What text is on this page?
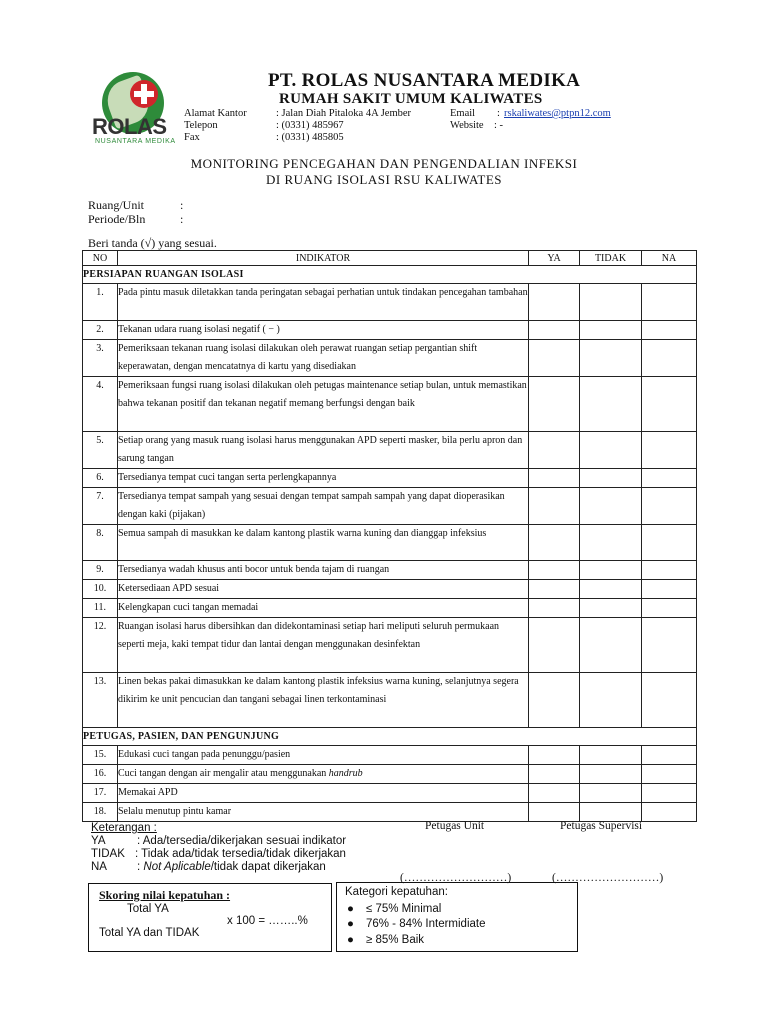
ROLAS
NUSANTARA MEDIKA
PT. ROLAS NUSANTARA MEDIKA
RUMAH SAKIT UMUM KALIWATES
Alamat Kantor	: Jalan Diah Pitaloka 4A Jember
Telepon	: (0331) 485967
Fax	: (0331) 485805
Email : rskaliwates@ptpn12.com
Website : -
MONITORING PENCEGAHAN DAN PENGENDALIAN INFEKSI
DI RUANG ISOLASI RSU KALIWATES
Ruang/Unit	:
Periode/Bln	:
Beri tanda (√) yang sesuai.
NO	INDIKATOR	YA	TIDAK	NA
PERSIAPAN RUANGAN ISOLASI				
1.	Pada pintu masuk diletakkan tanda peringatan sebagai perhatian untuk tindakan pencegahan tambahan			
2.	Tekanan udara ruang isolasi negatif ( − )			
3.	Pemeriksaan tekanan ruang isolasi dilakukan oleh perawat ruangan setiap pergantian shift keperawatan, dengan mencatatnya di kartu yang disediakan			
4.	Pemeriksaan fungsi ruang isolasi dilakukan oleh petugas maintenance setiap bulan, untuk memastikan bahwa tekanan positif dan tekanan negatif memang berfungsi dengan baik			
5.	Setiap orang yang masuk ruang isolasi harus menggunakan APD seperti masker, bila perlu apron dan sarung tangan			
6.	Tersedianya tempat cuci tangan serta perlengkapannya			
7.	Tersedianya tempat sampah yang sesuai dengan tempat sampah sampah yang dapat dioperasikan dengan kaki (pijakan)			
8.	Semua sampah di masukkan ke dalam kantong plastik warna kuning dan dianggap infeksius			
9.	Tersedianya wadah khusus anti bocor untuk benda tajam di ruangan			
10.	Ketersediaan APD sesuai			
11.	Kelengkapan cuci tangan memadai			
12.	Ruangan isolasi harus dibersihkan dan didekontaminasi setiap hari meliputi seluruh permukaan seperti meja, kaki tempat tidur dan lantai dengan menggunakan desinfektan			
13.	Linen bekas pakai dimasukkan ke dalam kantong plastik infeksius warna kuning, selanjutnya segera dikirim ke unit pencucian dan tangani sebagai linen terkontaminasi			
PETUGAS, PASIEN, DAN PENGUNJUNG				
15.	Edukasi cuci tangan pada penunggu/pasien			
16.	Cuci tangan dengan air mengalir atau menggunakan handrub			
17.	Memakai APD			
18.	Selalu menutup pintu kamar			
Keterangan :
YA	: Ada/tersedia/dikerjakan sesuai indikator
TIDAK : Tidak ada/tidak tersedia/tidak dikerjakan
NA	: Not Aplicable/tidak dapat dikerjakan
Petugas Unit	Petugas Supervisi
(………………………)	(………………………)
Skoring nilai kepatuhan :
Total YA
x 100 = ……..%
Total YA dan TIDAK
Kategori kepatuhan:
● ≤ 75% Minimal
● 76% - 84% Intermidiate
● ≥ 85% Baik
